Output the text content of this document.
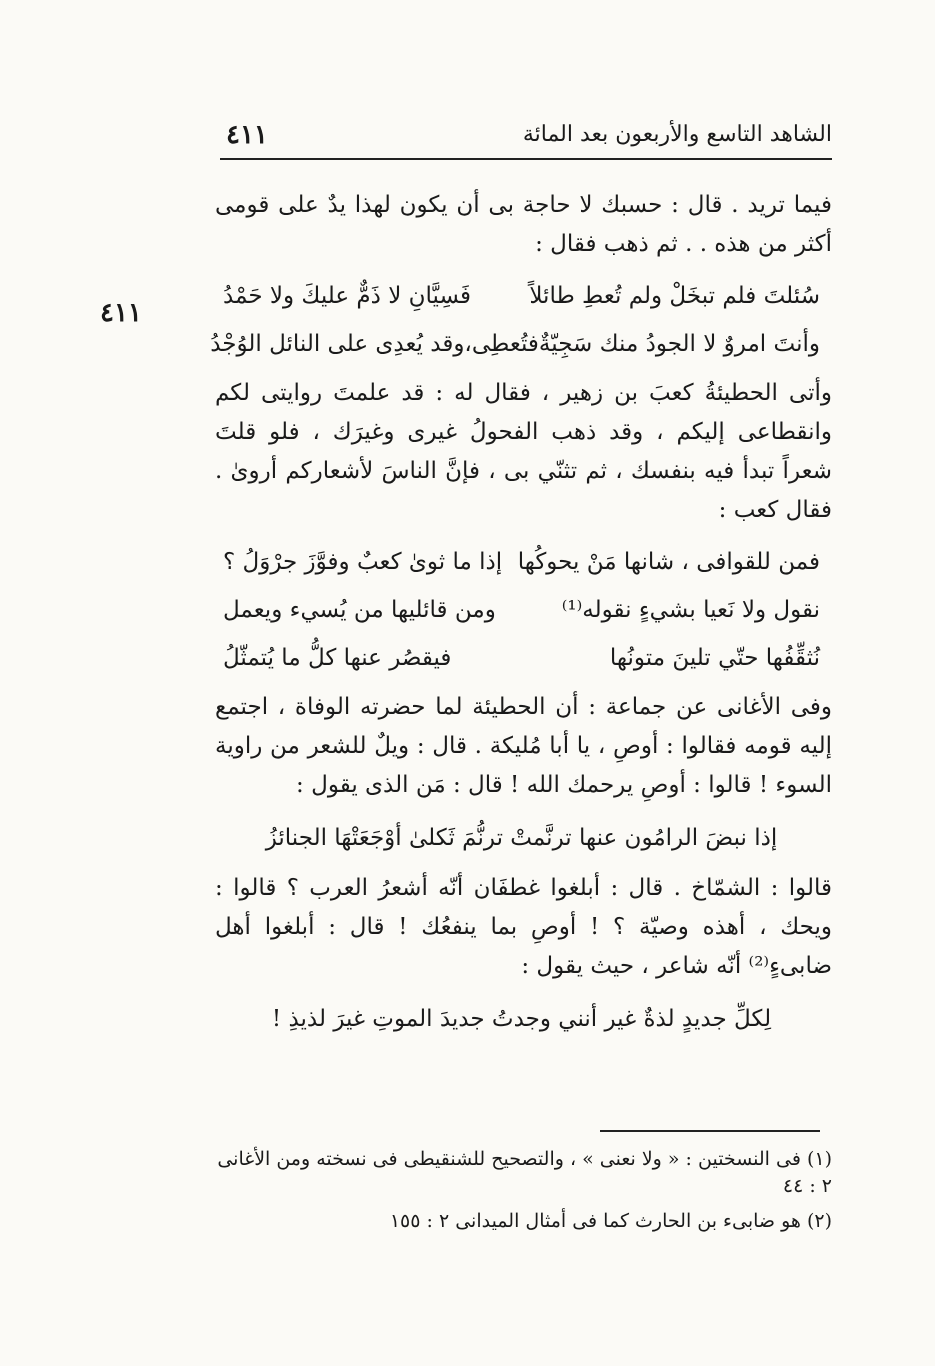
الشاهد التاسع والأربعون بعد المائة
٤١١
٤١١

فيما تريد . قال : حسبك لا حاجة بى أن يكون لهذا يدٌ على قومى أكثر من هذه . . ثم ذهب فقال :

سُئلتَ فلم تبخَلْ ولم تُعطِ طائلاً
فَسِيَّانِ لا ذَمٌّ عليكَ ولا حَمْدُ
وأنتَ امروٌ لا الجودُ منك سَجِيّةٌ
فتُعطِى،وقد يُعدِى على النائل الوُجْدُ

وأتى الحطيئةُ كعبَ بن زهير ، فقال له : قد علمتَ روايتى لكم وانقطاعى إليكم ، وقد ذهب الفحولُ غيرى وغيرَك ، فلو قلتَ شعراً تبدأ فيه بنفسك ، ثم تثنّي بى ، فإنَّ الناسَ لأشعاركم أروىٰ . فقال كعب :

فمن للقوافى ، شانها مَنْ يحوكُها
إذا ما ثوىٰ كعبٌ وفوَّزَ جرْوَلُ ؟
نقول ولا نَعيا بشيءٍ نقوله⁽¹⁾
ومن قائليها من يُسيء ويعمل
نُثقِّفُها حتّي تلينَ متونُها
فيقصُر عنها كلُّ ما يُتمثّلُ

وفى الأغانى عن جماعة : أن الحطيئة لما حضرته الوفاة ، اجتمع إليه قومه فقالوا : أوصِ ، يا أبا مُليكة . قال : ويلٌ للشعر من راوية السوء ! قالوا : أوصِ يرحمك الله ! قال : مَن الذى يقول :

إذا نبضَ الرامُون عنها ترنَّمتْ ترنُّمَ ثَكلىٰ أوْجَعَتْهَا الجنائزُ

قالوا : الشمّاخ . قال : أبلغوا غطفَان أنّه أشعرُ العرب ؟ قالوا : ويحك ، أهذه وصيّة ؟ ! أوصِ بما ينفعُك ! قال : أبلغوا أهل ضابىءٍ⁽²⁾ أنّه شاعر ، حيث يقول :

لِكلِّ جديدٍ لذةٌ غير أنني وجدتُ جديدَ الموتِ غيرَ لذيذِ !

(١) فى النسختين : « ولا نعنى » ، والتصحيح للشنقيطى فى نسخته ومن الأغانى ٢ : ٤٤

(٢) هو ضابىء بن الحارث كما فى أمثال الميدانى ٢ : ١٥٥
